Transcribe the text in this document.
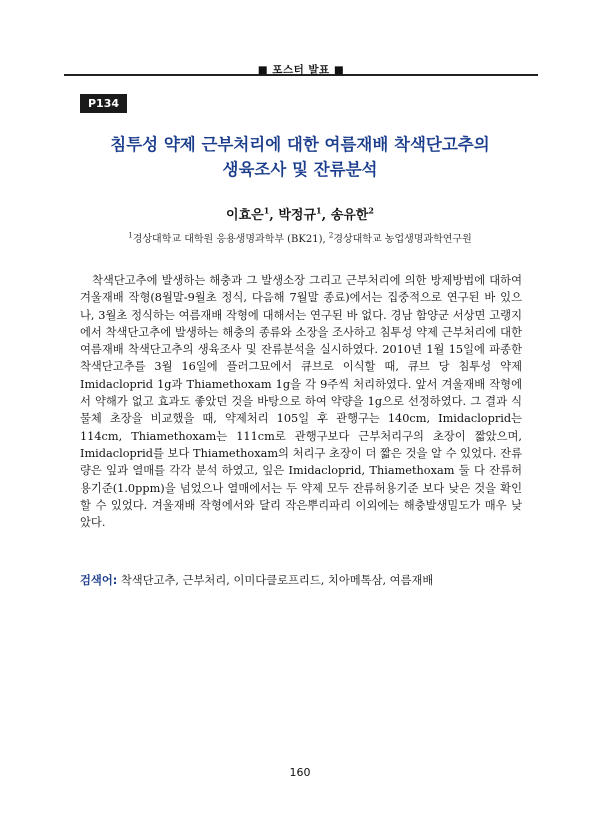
■ 포스터 발표 ■
P134
침투성 약제 근부처리에 대한 여름재배 착색단고추의
생육조사 및 잔류분석
이효은$^1$, 박정규$^1$, 송유한$^2$
$^1$경상대학교 대학원 응용생명과학부 (BK21), $^2$경상대학교 농업생명과학연구원

착색단고추에 발생하는 해충과 그 발생소장 그리고 근부처리에 의한 방제방법에 대하여 겨울재배 작형(8월말-9월초 정식, 다음해 7월말 종료)에서는 집중적으로 연구된 바 있으나, 3월초 정식하는 여름재배 작형에 대해서는 연구된 바 없다. 경남 함양군 서상면 고랭지에서 착색단고추에 발생하는 해충의 종류와 소장을 조사하고 침투성 약제 근부처리에 대한 여름재배 착색단고추의 생육조사 및 잔류분석을 실시하였다. 2010년 1월 15일에 파종한 착색단고추를 3월 16일에 플러그묘에서 큐브로 이식할 때, 큐브 당 침투성 약제 Imidacloprid 1g과 Thiamethoxam 1g을 각 9주씩 처리하였다. 앞서 겨울재배 작형에서 약해가 없고 효과도 좋았던 것을 바탕으로 하여 약량을 1g으로 선정하였다. 그 결과 식물체 초장을 비교했을 때, 약제처리 105일 후 관행구는 140cm, Imidacloprid는 114cm, Thiamethoxam는 111cm로 관행구보다 근부처리구의 초장이 짧았으며, Imidacloprid를 보다 Thiamethoxam의 처리구 초장이 더 짧은 것을 알 수 있었다. 잔류량은 잎과 열매를 각각 분석 하였고, 잎은 Imidacloprid, Thiamethoxam 둘 다 잔류허용기준(1.0ppm)을 넘었으나 열매에서는 두 약제 모두 잔류허용기준 보다 낮은 것을 확인할 수 있었다. 겨울재배 작형에서와 달리 작은뿌리파리 이외에는 해충발생밀도가 매우 낮았다.

검색어: 착색단고추, 근부처리, 이미다클로프리드, 치아메톡삼, 여름재배
160
